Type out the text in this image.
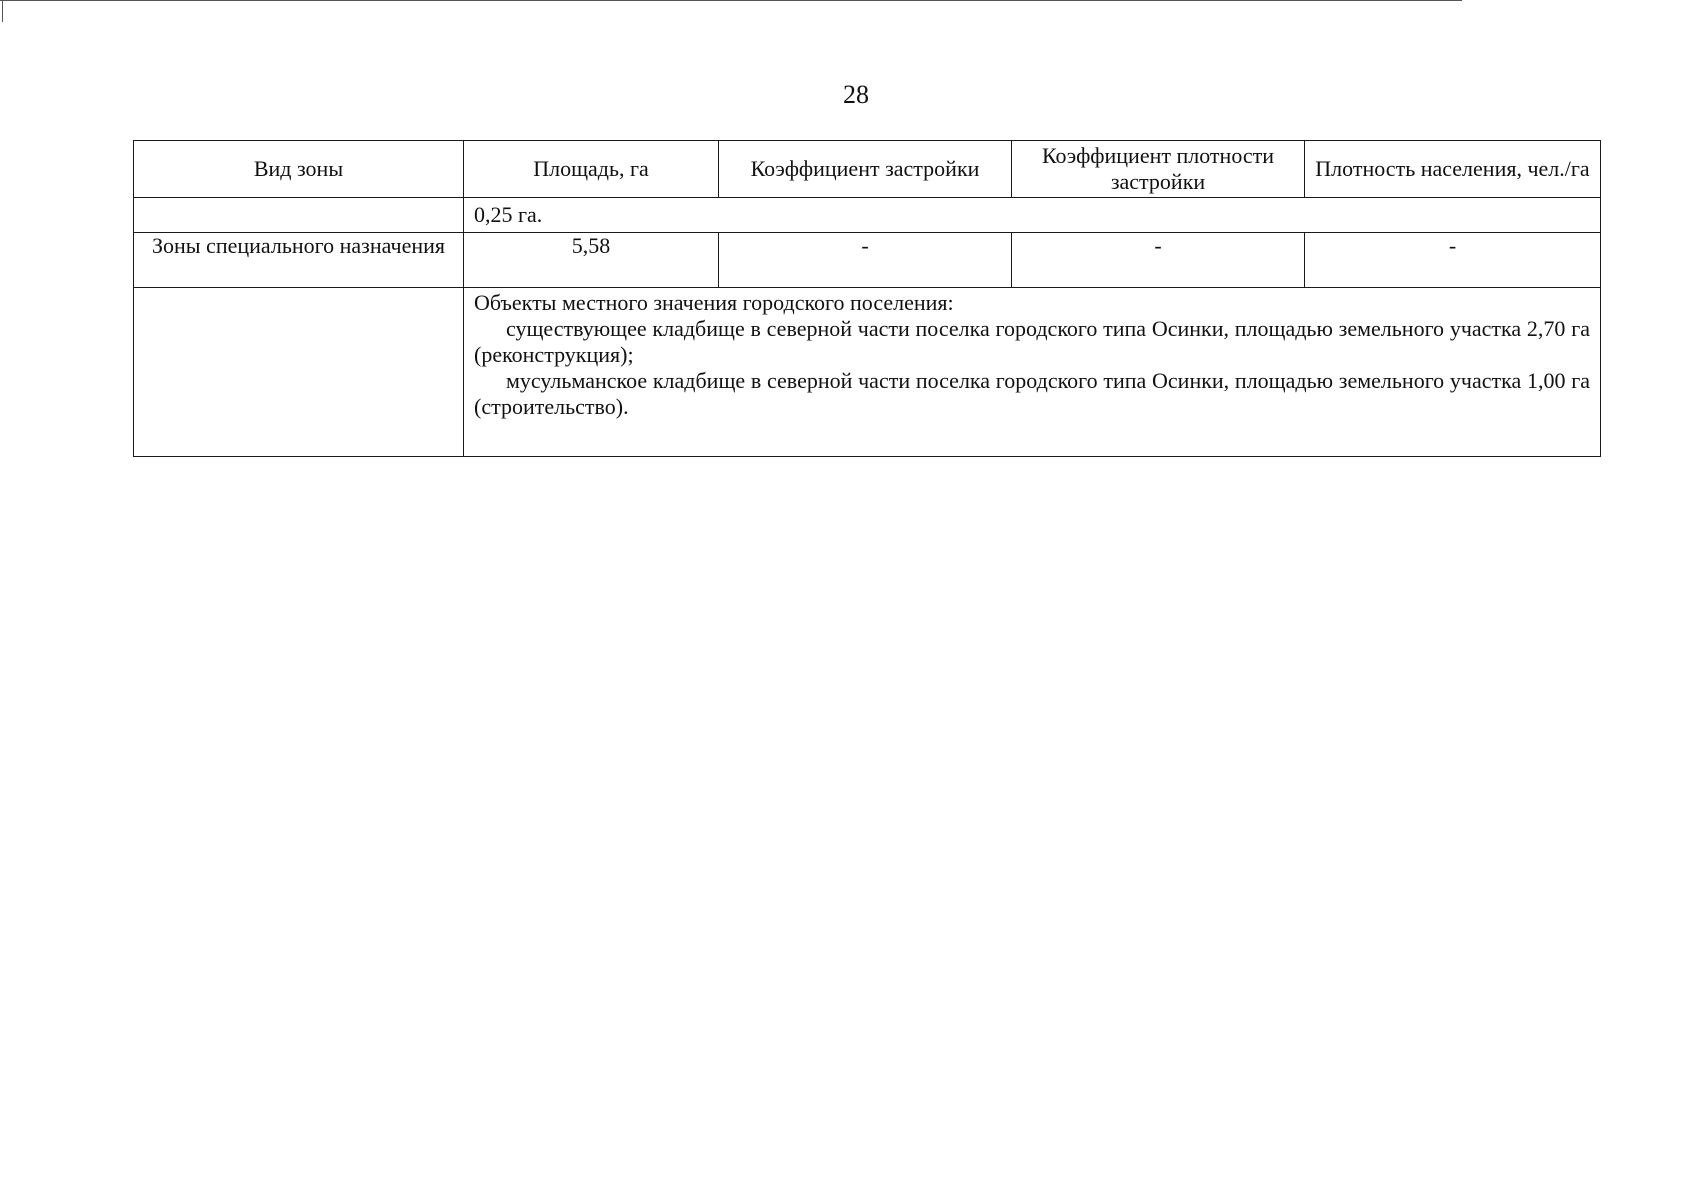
28
Вид зоны	Площадь, га	Коэффициент застройки	Коэффициент плотности застройки	Плотность населения, чел./га
	0,25 га.			
Зоны специального назначения	5,58	-	-	-

	Объекты местного значения городского поселения:
существующее кладбище в северной части поселка городского типа Осинки, площадью земельного участка 2,70 га (реконструкция);
мусульманское кладбище в северной части поселка городского типа Осинки, площадью земельного участка 1,00 га (строительство).			
